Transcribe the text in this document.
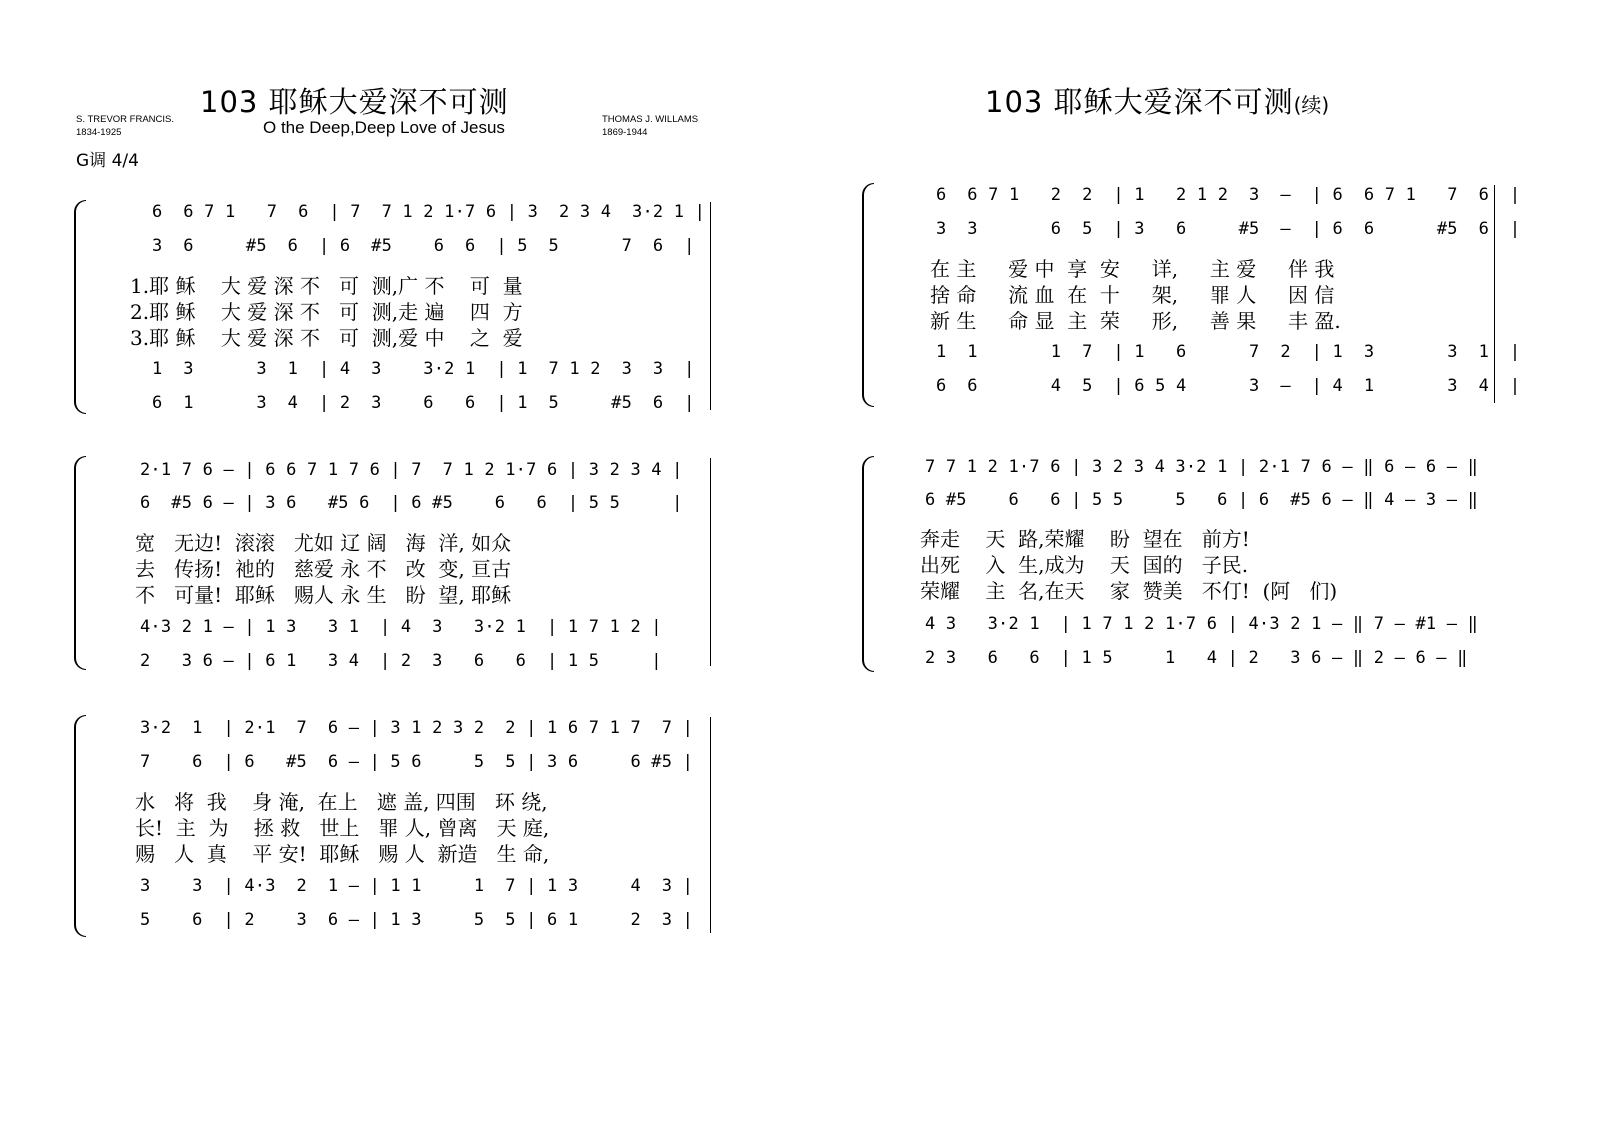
103 耶稣大爱深不可测
S. TREVOR FRANCIS.
1834-1925	O the Deep,Deep Love of Jesus	THOMAS J. WILLAMS
1869-1944
G调 4/4
6  6 7 1   7  6  | 7  7 1 2 1·7 6 | 3  2 3 4  3·2 1 |
3  6     #5  6  | 6  #5    6  6  | 5  5      7  6  |
1.耶 稣    大 爱 深 不   可  测,广 不    可  量
2.耶 稣    大 爱 深 不   可  测,走 遍    四  方
3.耶 稣    大 爱 深 不   可  测,爱 中    之  爱
1  3      3  1  | 4  3    3·2 1  | 1  7 1 2  3  3  |
6  1      3  4  | 2  3    6   6  | 1  5     #5  6  |
2·1 7 6 — | 6 6 7 1 7 6 | 7  7 1 2 1·7 6 | 3 2 3 4 |
6  #5 6 — | 3 6   #5 6  | 6 #5    6   6  | 5 5     |
宽   无边!  滚滚   尤如 辽 阔   海  洋, 如众
去   传扬!  祂的   慈爱 永 不   改  变, 亘古
不   可量!  耶稣   赐人 永 生   盼  望, 耶稣
4·3 2 1 — | 1 3   3 1  | 4  3   3·2 1  | 1 7 1 2 |
2   3 6 — | 6 1   3 4  | 2  3   6   6  | 1 5     |
3·2  1  | 2·1  7  6 — | 3 1 2 3 2  2 | 1 6 7 1 7  7 |
7    6  | 6   #5  6 — | 5 6     5  5 | 3 6     6 #5 |
水   将  我    身 淹,  在上   遮 盖, 四围   环 绕,
长!  主  为    拯 救   世上   罪 人, 曾离   天 庭,
赐   人  真    平 安!  耶稣   赐 人  新造   生 命,
3    3  | 4·3  2  1 — | 1 1     1  7 | 1 3     4  3 |
5    6  | 2    3  6 — | 1 3     5  5 | 6 1     2  3 |
103 耶稣大爱深不可测(续)
6  6 7 1   2  2  | 1   2 1 2  3  —  | 6  6 7 1   7  6  |
3  3       6  5  | 3   6     #5  —  | 6  6      #5  6  |
在 主     爱 中  享  安     详,     主 爱     伴 我
捨 命     流 血  在  十     架,     罪 人     因 信
新 生     命 显  主  荣     形,     善 果     丰 盈.
1  1       1  7  | 1   6      7  2  | 1  3       3  1  |
6  6       4  5  | 6 5 4      3  —  | 4  1       3  4  |
7 7 1 2 1·7 6 | 3 2 3 4 3·2 1 | 2·1 7 6 — ‖ 6 — 6 — ‖
6 #5    6   6 | 5 5     5   6 | 6  #5 6 — ‖ 4 — 3 — ‖
奔走    天  路,荣耀    盼  望在   前方!
出死    入  生,成为    天  国的   子民.
荣耀    主  名,在天    家  赞美   不仃!  (阿   们)
4 3   3·2 1  | 1 7 1 2 1·7 6 | 4·3 2 1 — ‖ 7 — #1 — ‖
2 3   6   6  | 1 5     1   4 | 2   3 6 — ‖ 2 — 6 — ‖
